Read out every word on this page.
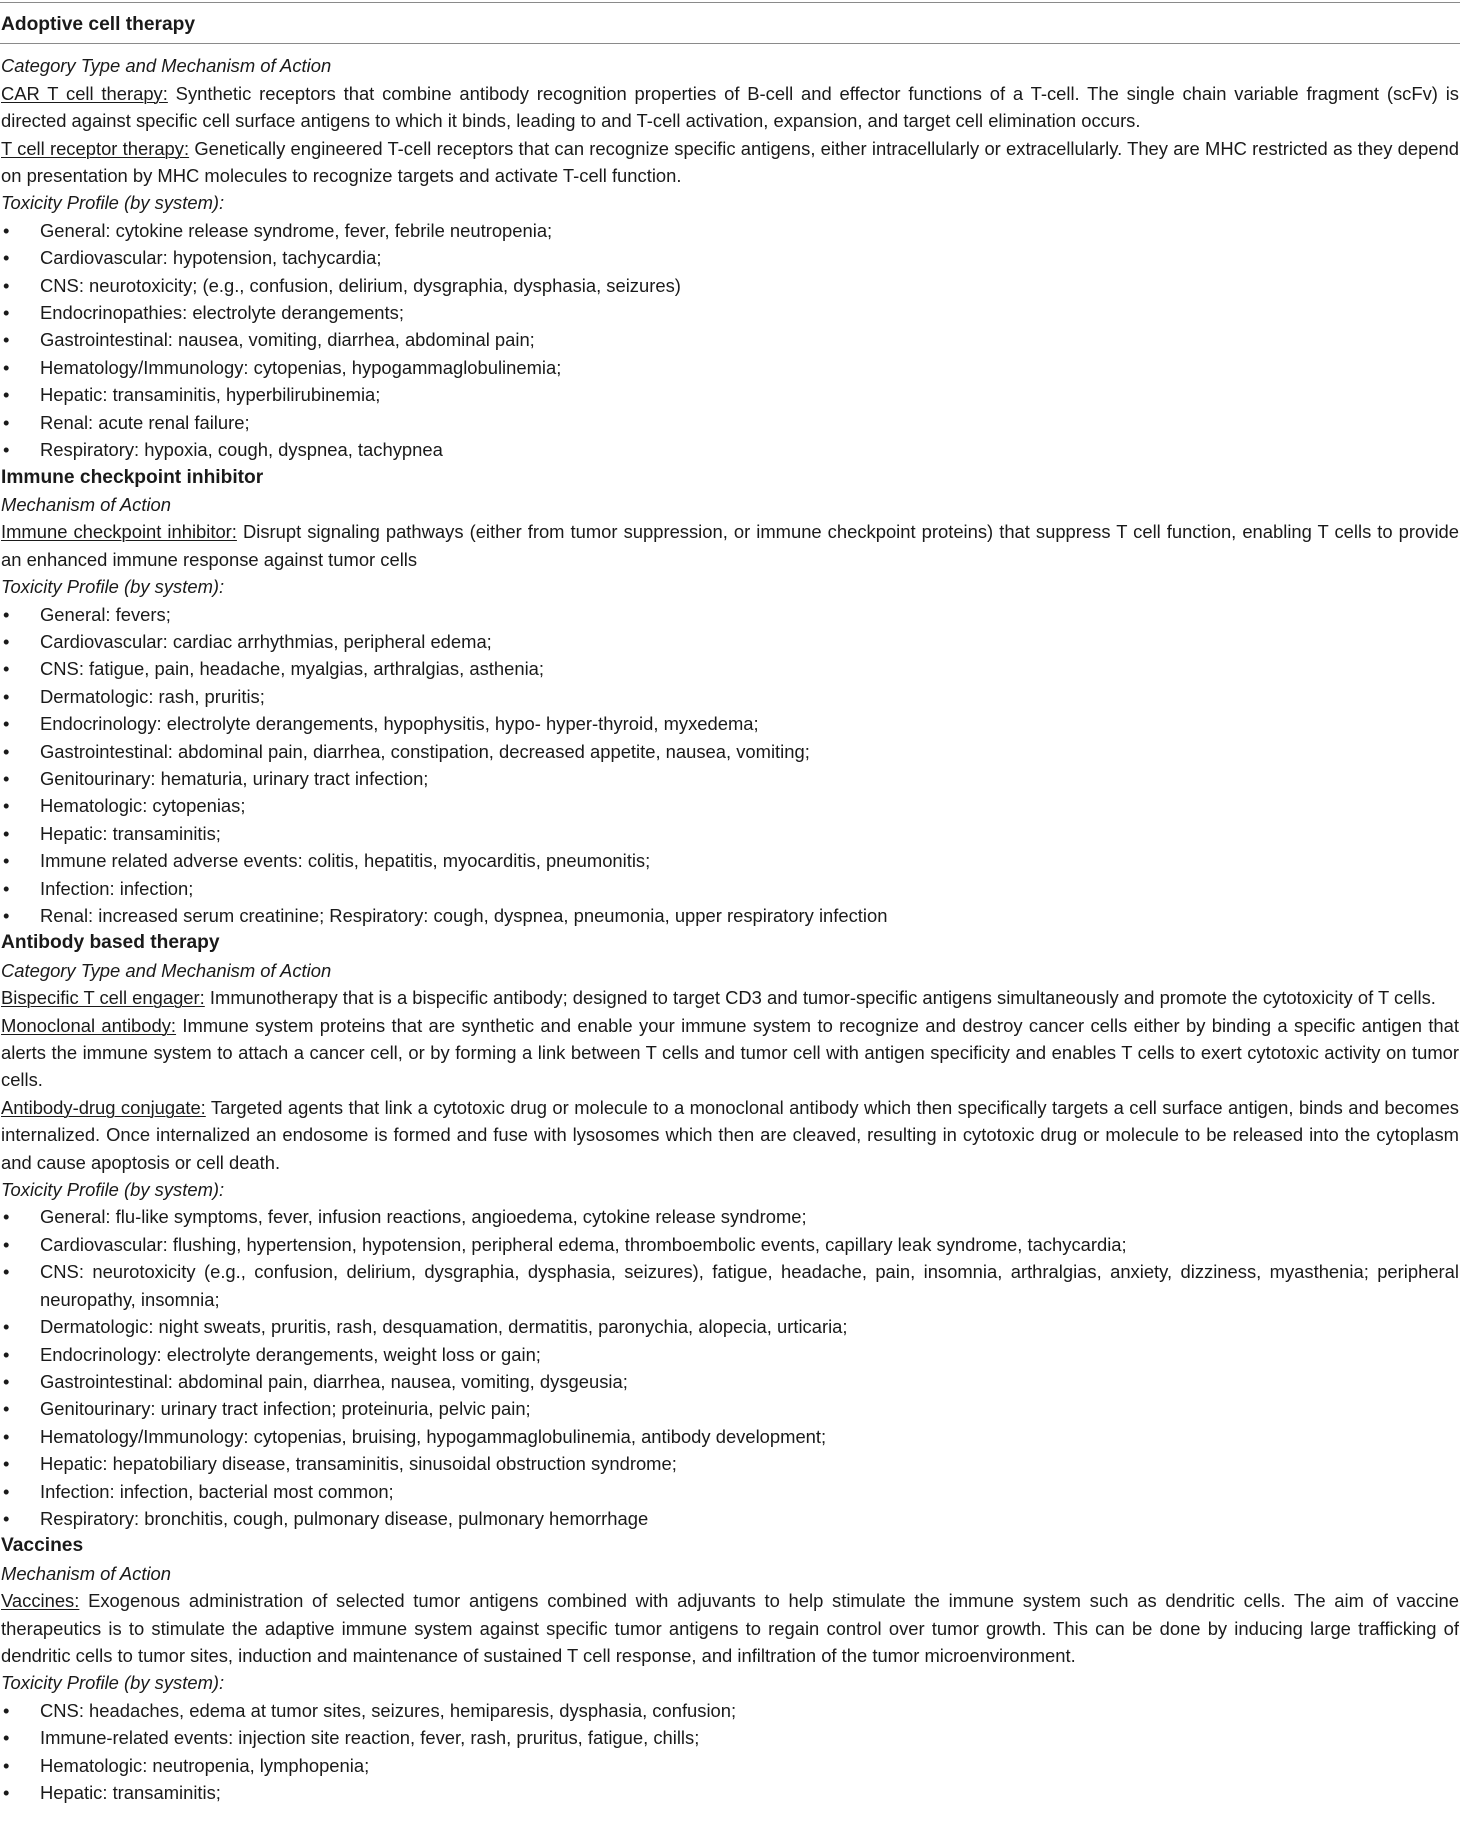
Adoptive cell therapy
Category Type and Mechanism of Action

CAR T cell therapy: Synthetic receptors that combine antibody recognition properties of B-cell and effector functions of a T-cell. The single chain variable fragment (scFv) is directed against specific cell surface antigens to which it binds, leading to and T-cell activation, expansion, and target cell elimination occurs.

T cell receptor therapy: Genetically engineered T-cell receptors that can recognize specific antigens, either intracellularly or extracellularly. They are MHC restricted as they depend on presentation by MHC molecules to recognize targets and activate T-cell function.

Toxicity Profile (by system):
• General: cytokine release syndrome, fever, febrile neutropenia;
• Cardiovascular: hypotension, tachycardia;
• CNS: neurotoxicity; (e.g., confusion, delirium, dysgraphia, dysphasia, seizures)
• Endocrinopathies: electrolyte derangements;
• Gastrointestinal: nausea, vomiting, diarrhea, abdominal pain;
• Hematology/Immunology: cytopenias, hypogammaglobulinemia;
• Hepatic: transaminitis, hyperbilirubinemia;
• Renal: acute renal failure;
• Respiratory: hypoxia, cough, dyspnea, tachypnea
Immune checkpoint inhibitor
Mechanism of Action

Immune checkpoint inhibitor: Disrupt signaling pathways (either from tumor suppression, or immune checkpoint proteins) that suppress T cell function, enabling T cells to provide an enhanced immune response against tumor cells

Toxicity Profile (by system):
• General: fevers;
• Cardiovascular: cardiac arrhythmias, peripheral edema;
• CNS: fatigue, pain, headache, myalgias, arthralgias, asthenia;
• Dermatologic: rash, pruritis;
• Endocrinology: electrolyte derangements, hypophysitis, hypo- hyper-thyroid, myxedema;
• Gastrointestinal: abdominal pain, diarrhea, constipation, decreased appetite, nausea, vomiting;
• Genitourinary: hematuria, urinary tract infection;
• Hematologic: cytopenias;
• Hepatic: transaminitis;
• Immune related adverse events: colitis, hepatitis, myocarditis, pneumonitis;
• Infection: infection;
• Renal: increased serum creatinine; Respiratory: cough, dyspnea, pneumonia, upper respiratory infection
Antibody based therapy
Category Type and Mechanism of Action

Bispecific T cell engager: Immunotherapy that is a bispecific antibody; designed to target CD3 and tumor-specific antigens simultaneously and promote the cytotoxicity of T cells.

Monoclonal antibody: Immune system proteins that are synthetic and enable your immune system to recognize and destroy cancer cells either by binding a specific antigen that alerts the immune system to attach a cancer cell, or by forming a link between T cells and tumor cell with antigen specificity and enables T cells to exert cytotoxic activity on tumor cells.

Antibody-drug conjugate: Targeted agents that link a cytotoxic drug or molecule to a monoclonal antibody which then specifically targets a cell surface antigen, binds and becomes internalized. Once internalized an endosome is formed and fuse with lysosomes which then are cleaved, resulting in cytotoxic drug or molecule to be released into the cytoplasm and cause apoptosis or cell death.

Toxicity Profile (by system):
• General: flu-like symptoms, fever, infusion reactions, angioedema, cytokine release syndrome;
• Cardiovascular: flushing, hypertension, hypotension, peripheral edema, thromboembolic events, capillary leak syndrome, tachycardia;
• CNS: neurotoxicity (e.g., confusion, delirium, dysgraphia, dysphasia, seizures), fatigue, headache, pain, insomnia, arthralgias, anxiety, dizziness, myasthenia; peripheral neuropathy, insomnia;
• Dermatologic: night sweats, pruritis, rash, desquamation, dermatitis, paronychia, alopecia, urticaria;
• Endocrinology: electrolyte derangements, weight loss or gain;
• Gastrointestinal: abdominal pain, diarrhea, nausea, vomiting, dysgeusia;
• Genitourinary: urinary tract infection; proteinuria, pelvic pain;
• Hematology/Immunology: cytopenias, bruising, hypogammaglobulinemia, antibody development;
• Hepatic: hepatobiliary disease, transaminitis, sinusoidal obstruction syndrome;
• Infection: infection, bacterial most common;
• Respiratory: bronchitis, cough, pulmonary disease, pulmonary hemorrhage
Vaccines
Mechanism of Action

Vaccines: Exogenous administration of selected tumor antigens combined with adjuvants to help stimulate the immune system such as dendritic cells. The aim of vaccine therapeutics is to stimulate the adaptive immune system against specific tumor antigens to regain control over tumor growth. This can be done by inducing large trafficking of dendritic cells to tumor sites, induction and maintenance of sustained T cell response, and infiltration of the tumor microenvironment.

Toxicity Profile (by system):
• CNS: headaches, edema at tumor sites, seizures, hemiparesis, dysphasia, confusion;
• Immune-related events: injection site reaction, fever, rash, pruritus, fatigue, chills;
• Hematologic: neutropenia, lymphopenia;
• Hepatic: transaminitis;
